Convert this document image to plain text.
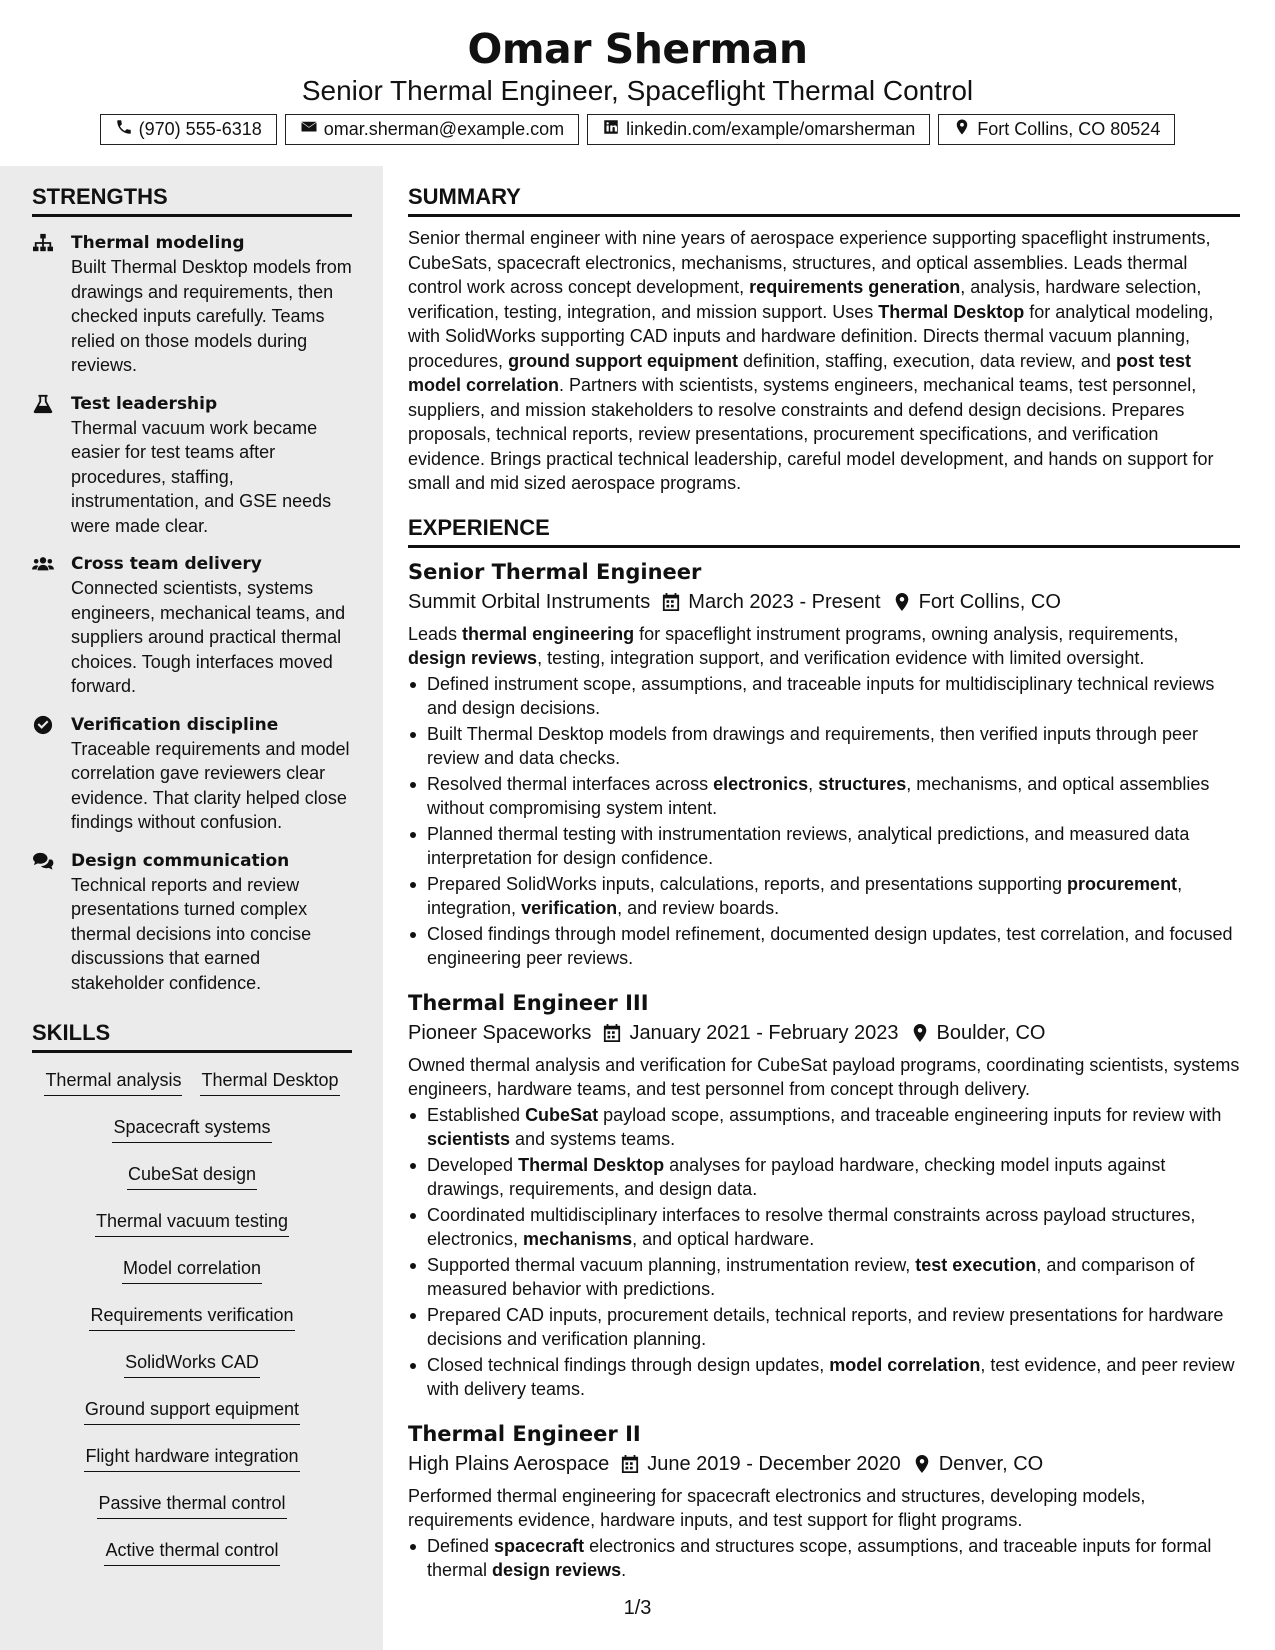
Omar Sherman
Senior Thermal Engineer, Spaceflight Thermal Control
(970) 555-6318	omar.sherman@example.com	linkedin.com/example/omarsherman	Fort Collins, CO 80524
STRENGTHS
Thermal modeling
Built Thermal Desktop models from drawings and requirements, then checked inputs carefully. Teams relied on those models during reviews.
Test leadership
Thermal vacuum work became easier for test teams after procedures, staffing, instrumentation, and GSE needs were made clear.
Cross team delivery
Connected scientists, systems engineers, mechanical teams, and suppliers around practical thermal choices. Tough interfaces moved forward.
Verification discipline
Traceable requirements and model correlation gave reviewers clear evidence. That clarity helped close findings without confusion.
Design communication
Technical reports and review presentations turned complex thermal decisions into concise discussions that earned stakeholder confidence.
SKILLS
Thermal analysis Thermal Desktop
Spacecraft systems
CubeSat design
Thermal vacuum testing
Model correlation
Requirements verification
SolidWorks CAD
Ground support equipment
Flight hardware integration
Passive thermal control
Active thermal control
SUMMARY
Senior thermal engineer with nine years of aerospace experience supporting spaceflight instruments, CubeSats, spacecraft electronics, mechanisms, structures, and optical assemblies. Leads thermal control work across concept development, requirements generation, analysis, hardware selection, verification, testing, integration, and mission support. Uses Thermal Desktop for analytical modeling, with SolidWorks supporting CAD inputs and hardware definition. Directs thermal vacuum planning, procedures, ground support equipment definition, staffing, execution, data review, and post test model correlation. Partners with scientists, systems engineers, mechanical teams, test personnel, suppliers, and mission stakeholders to resolve constraints and defend design decisions. Prepares proposals, technical reports, review presentations, procurement specifications, and verification evidence. Brings practical technical leadership, careful model development, and hands on support for small and mid sized aerospace programs.
EXPERIENCE
Senior Thermal Engineer
Summit Orbital Instruments March 2023 - Present Fort Collins, CO
Leads thermal engineering for spaceflight instrument programs, owning analysis, requirements, design reviews, testing, integration support, and verification evidence with limited oversight.
Defined instrument scope, assumptions, and traceable inputs for multidisciplinary technical reviews and design decisions.
Built Thermal Desktop models from drawings and requirements, then verified inputs through peer review and data checks.
Resolved thermal interfaces across electronics, structures, mechanisms, and optical assemblies without compromising system intent.
Planned thermal testing with instrumentation reviews, analytical predictions, and measured data interpretation for design confidence.
Prepared SolidWorks inputs, calculations, reports, and presentations supporting procurement, integration, verification, and review boards.
Closed findings through model refinement, documented design updates, test correlation, and focused engineering peer reviews.
Thermal Engineer III
Pioneer Spaceworks January 2021 - February 2023 Boulder, CO
Owned thermal analysis and verification for CubeSat payload programs, coordinating scientists, systems engineers, hardware teams, and test personnel from concept through delivery.
Established CubeSat payload scope, assumptions, and traceable engineering inputs for review with scientists and systems teams.
Developed Thermal Desktop analyses for payload hardware, checking model inputs against drawings, requirements, and design data.
Coordinated multidisciplinary interfaces to resolve thermal constraints across payload structures, electronics, mechanisms, and optical hardware.
Supported thermal vacuum planning, instrumentation review, test execution, and comparison of measured behavior with predictions.
Prepared CAD inputs, procurement details, technical reports, and review presentations for hardware decisions and verification planning.
Closed technical findings through design updates, model correlation, test evidence, and peer review with delivery teams.
Thermal Engineer II
High Plains Aerospace June 2019 - December 2020 Denver, CO
Performed thermal engineering for spacecraft electronics and structures, developing models, requirements evidence, hardware inputs, and test support for flight programs.
Defined spacecraft electronics and structures scope, assumptions, and traceable inputs for formal thermal design reviews.
1/3
